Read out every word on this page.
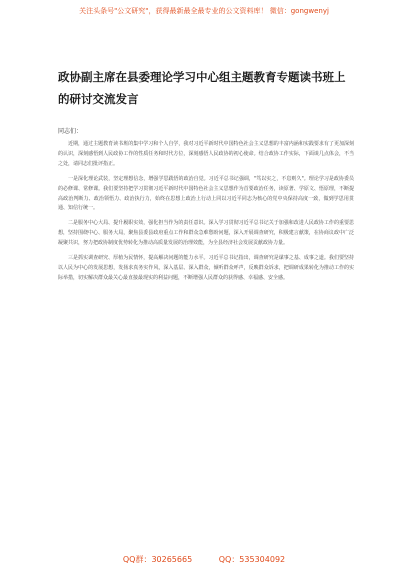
关注头条号"公文研究"，获得最新最全最专业的公文资料库！ 微信：gongwenyj
政协副主席在县委理论学习中心组主题教育专题读书班上的研讨交流发言
同志们：

近期，通过主题教育读书班的集中学习和个人自学，我对习近平新时代中国特色社会主义思想的丰富内涵和实践要求有了更加深刻的认识，深刻感悟到人民政协工作的性质任务和时代方位，深刻感悟人民政协的初心使命。结合政协工作实际，下面谈几点体会，不当之处，请同志们批评指正。

一是深化理论武装，坚定理想信念，增强学思践悟的政治自觉。习近平总书记强调，"笃以实之，不息则久"。理论学习是政协委员的必修课、常修课。我们要坚持把学习贯彻习近平新时代中国特色社会主义思想作为首要政治任务，读原著、学原文、悟原理，不断提高政治判断力、政治领悟力、政治执行力，始终在思想上政治上行动上同以习近平同志为核心的党中央保持高度一致，做到学思用贯通、知信行统一。

二是服务中心大局、提升履职实效，强化担当作为的责任意识。深入学习贯彻习近平总书记关于加强和改进人民政协工作的重要思想，坚持围绕中心、服务大局，聚焦县委县政府重点工作和群众急难愁盼问题，深入开展调查研究，积极建言献策，在协商议政中广泛凝聚共识，努力把政协制度优势转化为推动高质量发展的治理效能，为全县经济社会发展贡献政协力量。

三是抓实调查研究、厚植为民情怀，提高解决问题的能力水平。习近平总书记指出，调查研究是谋事之基、成事之道。我们要坚持以人民为中心的发展思想，发扬求真务实作风，深入基层、深入群众，倾听群众呼声，反映群众诉求，把调研成果转化为推动工作的实际举措，切实解决群众最关心最直接最现实的利益问题，不断增强人民群众的获得感、幸福感、安全感。

QQ群：30265665	QQ：535304092
